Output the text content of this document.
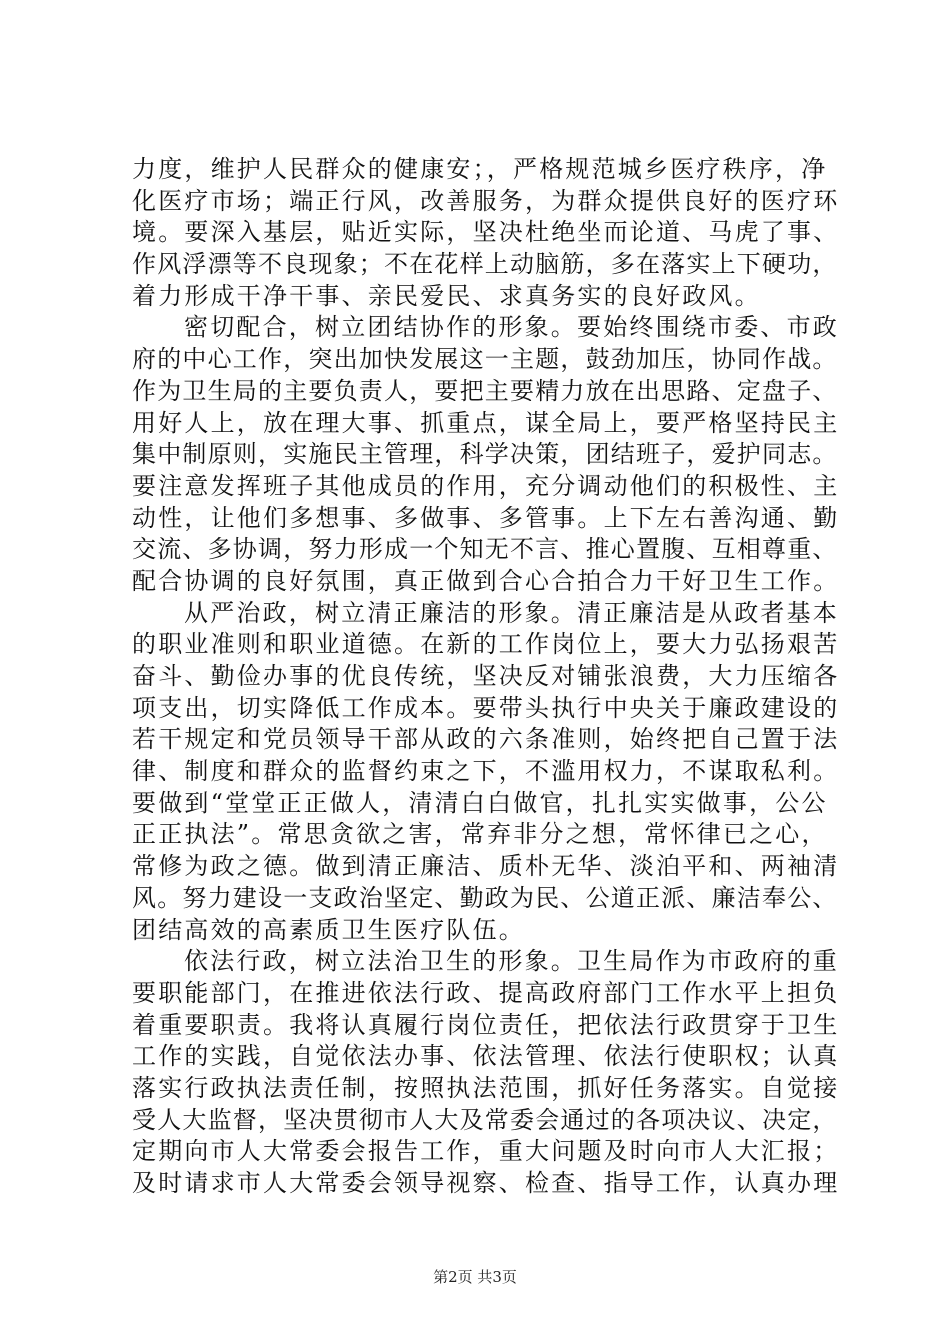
力度，维护人民群众的健康安；，严格规范城乡医疗秩序，净
化医疗市场；端正行风，改善服务，为群众提供良好的医疗环
境。要深入基层，贴近实际，坚决杜绝坐而论道、马虎了事、
作风浮漂等不良现象；不在花样上动脑筋，多在落实上下硬功，
着力形成干净干事、亲民爱民、求真务实的良好政风。
密切配合，树立团结协作的形象。要始终围绕市委、市政
府的中心工作，突出加快发展这一主题，鼓劲加压，协同作战。
作为卫生局的主要负责人，要把主要精力放在出思路、定盘子、
用好人上，放在理大事、抓重点，谋全局上，要严格坚持民主
集中制原则，实施民主管理，科学决策，团结班子，爱护同志。
要注意发挥班子其他成员的作用，充分调动他们的积极性、主
动性，让他们多想事、多做事、多管事。上下左右善沟通、勤
交流、多协调，努力形成一个知无不言、推心置腹、互相尊重、
配合协调的良好氛围，真正做到合心合拍合力干好卫生工作。
从严治政，树立清正廉洁的形象。清正廉洁是从政者基本
的职业准则和职业道德。在新的工作岗位上，要大力弘扬艰苦
奋斗、勤俭办事的优良传统，坚决反对铺张浪费，大力压缩各
项支出，切实降低工作成本。要带头执行中央关于廉政建设的
若干规定和党员领导干部从政的六条准则，始终把自己置于法
律、制度和群众的监督约束之下，不滥用权力，不谋取私利。
要做到“堂堂正正做人，清清白白做官，扎扎实实做事，公公
正正执法”。常思贪欲之害，常弃非分之想，常怀律已之心，
常修为政之德。做到清正廉洁、质朴无华、淡泊平和、两袖清
风。努力建设一支政治坚定、勤政为民、公道正派、廉洁奉公、
团结高效的高素质卫生医疗队伍。
依法行政，树立法治卫生的形象。卫生局作为市政府的重
要职能部门，在推进依法行政、提高政府部门工作水平上担负
着重要职责。我将认真履行岗位责任，把依法行政贯穿于卫生
工作的实践，自觉依法办事、依法管理、依法行使职权；认真
落实行政执法责任制，按照执法范围，抓好任务落实。自觉接
受人大监督，坚决贯彻市人大及常委会通过的各项决议、决定，
定期向市人大常委会报告工作，重大问题及时向市人大汇报；
及时请求市人大常委会领导视察、检查、指导工作，认真办理
第2页 共3页
